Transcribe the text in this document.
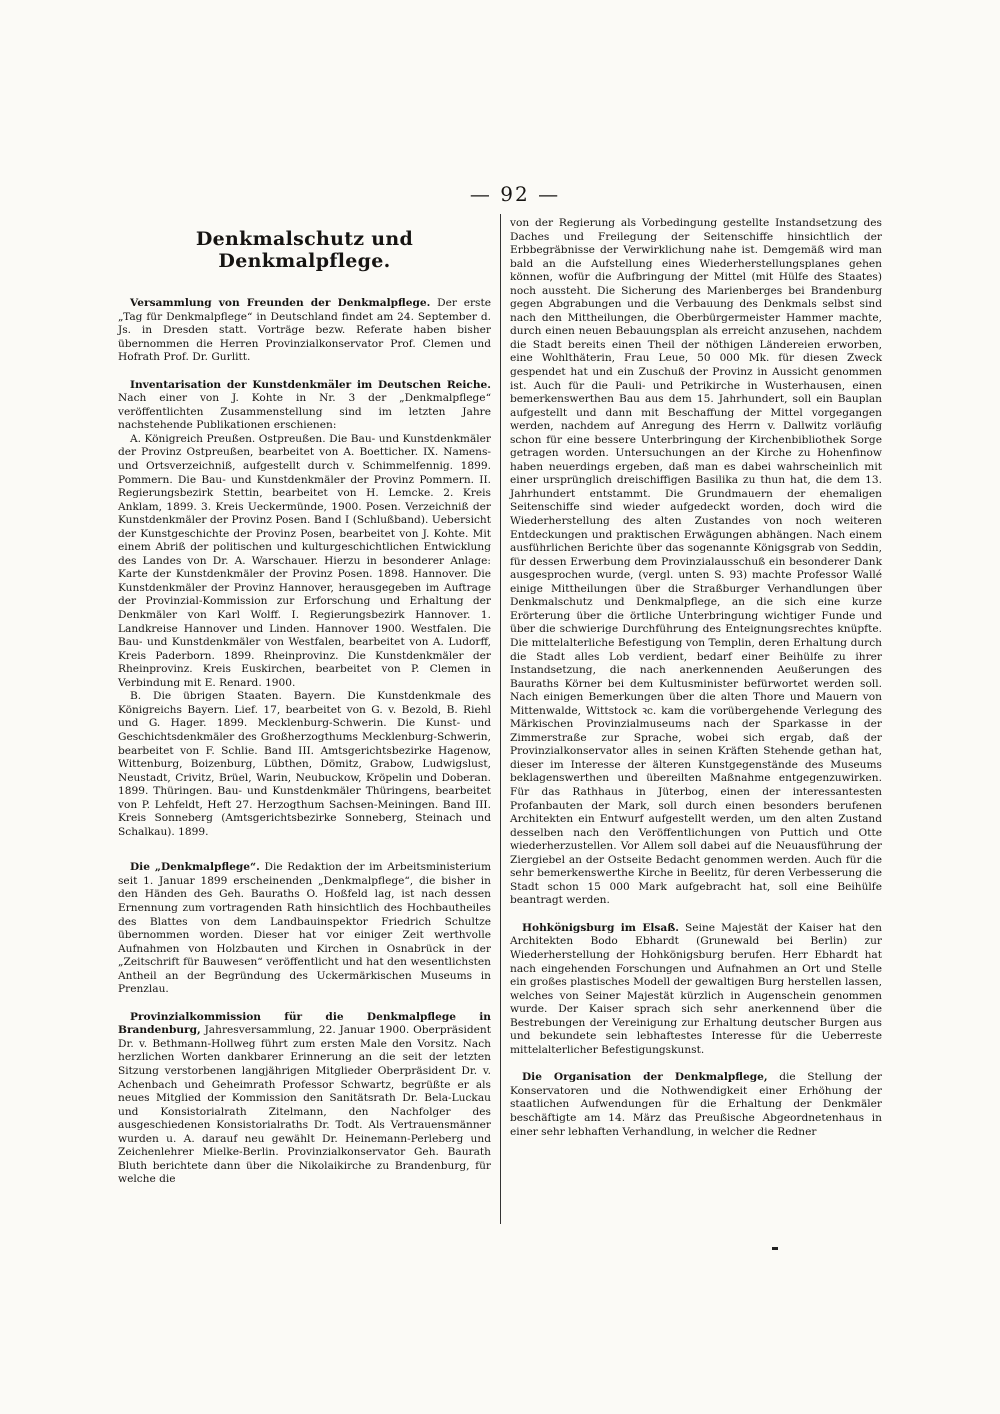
— 92 —
Denkmalschutz und Denkmalpflege.

Versammlung von Freunden der Denkmalpflege. Der erste „Tag für Denkmalpflege“ in Deutschland findet am 24. September d. Js. in Dresden statt. Vorträge bezw. Referate haben bisher übernommen die Herren Provinzialkonservator Prof. Clemen und Hofrath Prof. Dr. Gurlitt.

Inventarisation der Kunstdenkmäler im Deutschen Reiche. Nach einer von J. Kohte in Nr. 3 der „Denkmalpflege“ veröffentlichten Zusammenstellung sind im letzten Jahre nachstehende Publikationen erschienen:

A. Königreich Preußen. Ostpreußen. Die Bau- und Kunstdenkmäler der Provinz Ostpreußen, bearbeitet von A. Boetticher. IX. Namens- und Ortsverzeichniß, aufgestellt durch v. Schimmelfennig. 1899. Pommern. Die Bau- und Kunstdenkmäler der Provinz Pommern. II. Regierungsbezirk Stettin, bearbeitet von H. Lemcke. 2. Kreis Anklam, 1899. 3. Kreis Ueckermünde, 1900. Posen. Verzeichniß der Kunstdenkmäler der Provinz Posen. Band I (Schlußband). Uebersicht der Kunstgeschichte der Provinz Posen, bearbeitet von J. Kohte. Mit einem Abriß der politischen und kulturgeschichtlichen Entwicklung des Landes von Dr. A. Warschauer. Hierzu in besonderer Anlage: Karte der Kunstdenkmäler der Provinz Posen. 1898. Hannover. Die Kunstdenkmäler der Provinz Hannover, herausgegeben im Auftrage der Provinzial-Kommission zur Erforschung und Erhaltung der Denkmäler von Karl Wolff. I. Regierungsbezirk Hannover. 1. Landkreise Hannover und Linden. Hannover 1900. Westfalen. Die Bau- und Kunstdenkmäler von Westfalen, bearbeitet von A. Ludorff, Kreis Paderborn. 1899. Rheinprovinz. Die Kunstdenkmäler der Rheinprovinz. Kreis Euskirchen, bearbeitet von P. Clemen in Verbindung mit E. Renard. 1900.

B. Die übrigen Staaten. Bayern. Die Kunstdenkmale des Königreichs Bayern. Lief. 17, bearbeitet von G. v. Bezold, B. Riehl und G. Hager. 1899. Mecklenburg-Schwerin. Die Kunst- und Geschichtsdenkmäler des Großherzogthums Mecklenburg-Schwerin, bearbeitet von F. Schlie. Band III. Amtsgerichtsbezirke Hagenow, Wittenburg, Boizenburg, Lübthen, Dömitz, Grabow, Ludwigslust, Neustadt, Crivitz, Brüel, Warin, Neubuckow, Kröpelin und Doberan. 1899. Thüringen. Bau- und Kunstdenkmäler Thüringens, bearbeitet von P. Lehfeldt, Heft 27. Herzogthum Sachsen-Meiningen. Band III. Kreis Sonneberg (Amtsgerichtsbezirke Sonneberg, Steinach und Schalkau). 1899.

Die „Denkmalpflege“. Die Redaktion der im Arbeitsministerium seit 1. Januar 1899 erscheinenden „Denkmalpflege“, die bisher in den Händen des Geh. Bauraths O. Hoßfeld lag, ist nach dessen Ernennung zum vortragenden Rath hinsichtlich des Hochbautheiles des Blattes von dem Landbauinspektor Friedrich Schultze übernommen worden. Dieser hat vor einiger Zeit werthvolle Aufnahmen von Holzbauten und Kirchen in Osnabrück in der „Zeitschrift für Bauwesen“ veröffentlicht und hat den wesentlichsten Antheil an der Begründung des Uckermärkischen Museums in Prenzlau.

Provinzialkommission für die Denkmalpflege in Brandenburg, Jahresversammlung, 22. Januar 1900. Oberpräsident Dr. v. Bethmann-Hollweg führt zum ersten Male den Vorsitz. Nach herzlichen Worten dankbarer Erinnerung an die seit der letzten Sitzung verstorbenen langjährigen Mitglieder Oberpräsident Dr. v. Achenbach und Geheimrath Professor Schwartz, begrüßte er als neues Mitglied der Kommission den Sanitätsrath Dr. Bela-Luckau und Konsistorialrath Zitelmann, den Nachfolger des ausgeschiedenen Konsistorialraths Dr. Todt. Als Vertrauensmänner wurden u. A. darauf neu gewählt Dr. Heinemann-Perleberg und Zeichenlehrer Mielke-Berlin. Provinzialkonservator Geh. Baurath Bluth berichtete dann über die Nikolaikirche zu Brandenburg, für welche die

von der Regierung als Vorbedingung gestellte Instandsetzung des Daches und Freilegung der Seitenschiffe hinsichtlich der Erbbegräbnisse der Verwirklichung nahe ist. Demgemäß wird man bald an die Aufstellung eines Wiederherstellungsplanes gehen können, wofür die Aufbringung der Mittel (mit Hülfe des Staates) noch aussteht. Die Sicherung des Marienberges bei Brandenburg gegen Abgrabungen und die Verbauung des Denkmals selbst sind nach den Mittheilungen, die Oberbürgermeister Hammer machte, durch einen neuen Bebauungsplan als erreicht anzusehen, nachdem die Stadt bereits einen Theil der nöthigen Ländereien erworben, eine Wohlthäterin, Frau Leue, 50 000 Mk. für diesen Zweck gespendet hat und ein Zuschuß der Provinz in Aussicht genommen ist. Auch für die Pauli- und Petrikirche in Wusterhausen, einen bemerkenswerthen Bau aus dem 15. Jahrhundert, soll ein Bauplan aufgestellt und dann mit Beschaffung der Mittel vorgegangen werden, nachdem auf Anregung des Herrn v. Dallwitz vorläufig schon für eine bessere Unterbringung der Kirchenbibliothek Sorge getragen worden. Untersuchungen an der Kirche zu Hohenfinow haben neuerdings ergeben, daß man es dabei wahrscheinlich mit einer ursprünglich dreischiffigen Basilika zu thun hat, die dem 13. Jahrhundert entstammt. Die Grundmauern der ehemaligen Seitenschiffe sind wieder aufgedeckt worden, doch wird die Wiederherstellung des alten Zustandes von noch weiteren Entdeckungen und praktischen Erwägungen abhängen. Nach einem ausführlichen Berichte über das sogenannte Königsgrab von Seddin, für dessen Erwerbung dem Provinzialausschuß ein besonderer Dank ausgesprochen wurde, (vergl. unten S. 93) machte Professor Wallé einige Mittheilungen über die Straßburger Verhandlungen über Denkmalschutz und Denkmalpflege, an die sich eine kurze Erörterung über die örtliche Unterbringung wichtiger Funde und über die schwierige Durchführung des Enteignungsrechtes knüpfte. Die mittelalterliche Befestigung von Templin, deren Erhaltung durch die Stadt alles Lob verdient, bedarf einer Beihülfe zu ihrer Instandsetzung, die nach anerkennenden Aeußerungen des Bauraths Körner bei dem Kultusminister befürwortet werden soll. Nach einigen Bemerkungen über die alten Thore und Mauern von Mittenwalde, Wittstock ꝛc. kam die vorübergehende Verlegung des Märkischen Provinzialmuseums nach der Sparkasse in der Zimmerstraße zur Sprache, wobei sich ergab, daß der Provinzialkonservator alles in seinen Kräften Stehende gethan hat, dieser im Interesse der älteren Kunstgegenstände des Museums beklagenswerthen und übereilten Maßnahme entgegenzuwirken. Für das Rathhaus in Jüterbog, einen der interessantesten Profanbauten der Mark, soll durch einen besonders berufenen Architekten ein Entwurf aufgestellt werden, um den alten Zustand desselben nach den Veröffentlichungen von Puttich und Otte wiederherzustellen. Vor Allem soll dabei auf die Neuausführung der Ziergiebel an der Ostseite Bedacht genommen werden. Auch für die sehr bemerkenswerthe Kirche in Beelitz, für deren Verbesserung die Stadt schon 15 000 Mark aufgebracht hat, soll eine Beihülfe beantragt werden.

Hohkönigsburg im Elsaß. Seine Majestät der Kaiser hat den Architekten Bodo Ebhardt (Grunewald bei Berlin) zur Wiederherstellung der Hohkönigsburg berufen. Herr Ebhardt hat nach eingehenden Forschungen und Aufnahmen an Ort und Stelle ein großes plastisches Modell der gewaltigen Burg herstellen lassen, welches von Seiner Majestät kürzlich in Augenschein genommen wurde. Der Kaiser sprach sich sehr anerkennend über die Bestrebungen der Vereinigung zur Erhaltung deutscher Burgen aus und bekundete sein lebhaftestes Interesse für die Ueberreste mittelalterlicher Befestigungskunst.

Die Organisation der Denkmalpflege, die Stellung der Konservatoren und die Nothwendigkeit einer Erhöhung der staatlichen Aufwendungen für die Erhaltung der Denkmäler beschäftigte am 14. März das Preußische Abgeordnetenhaus in einer sehr lebhaften Verhandlung, in welcher die Redner
